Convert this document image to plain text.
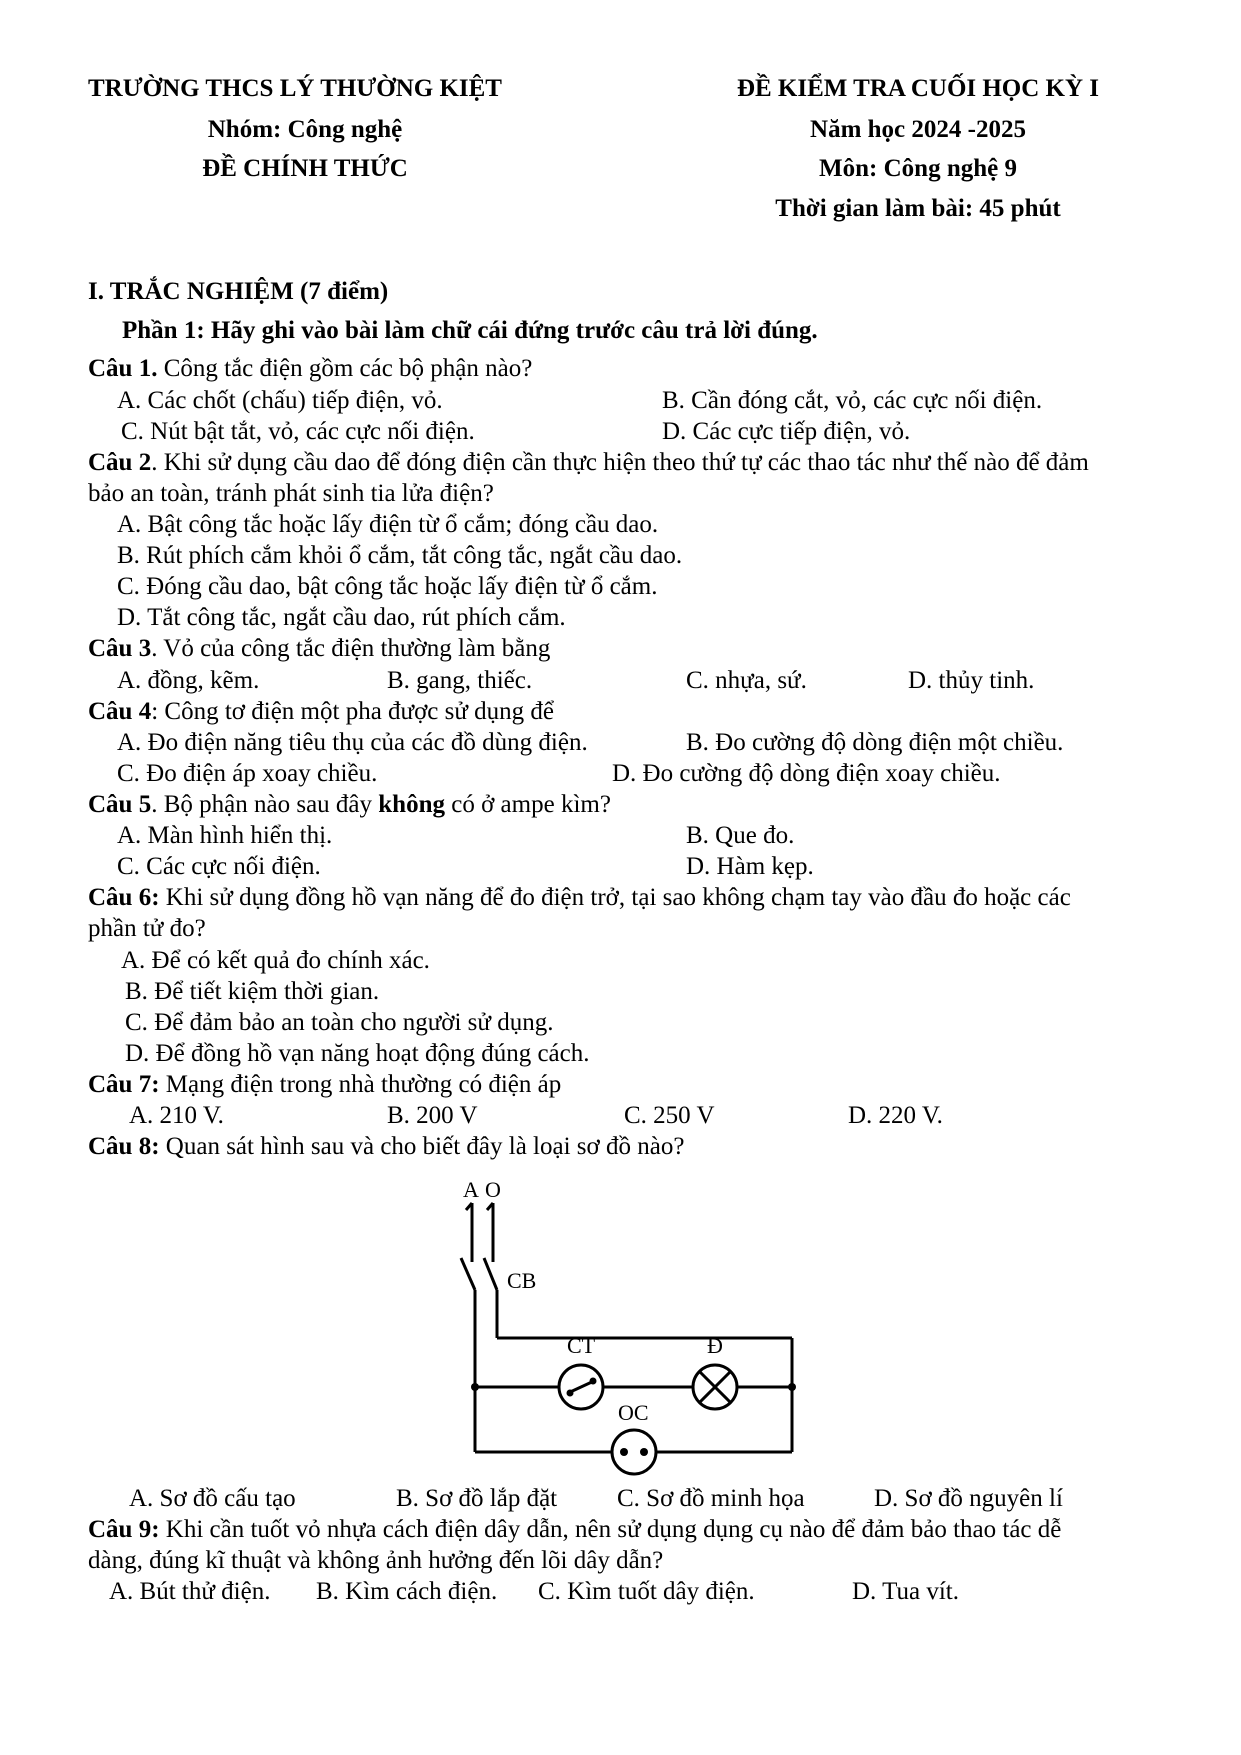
TRƯỜNG THCS LÝ THƯỜNG KIỆT
Nhóm: Công nghệ
ĐỀ CHÍNH THỨC
ĐỀ KIỂM TRA CUỐI HỌC KỲ I
Năm học 2024 -2025
Môn: Công nghệ 9
Thời gian làm bài: 45 phút
I. TRẮC NGHIỆM (7 điểm)
Phần 1: Hãy ghi vào bài làm chữ cái đứng trước câu trả lời đúng.
Câu 1. Công tắc điện gồm các bộ phận nào?
A. Các chốt (chấu) tiếp điện, vỏ.	B. Cần đóng cắt, vỏ, các cực nối điện.
C. Nút bật tắt, vỏ, các cực nối điện.	D. Các cực tiếp điện, vỏ.
Câu 2. Khi sử dụng cầu dao để đóng điện cần thực hiện theo thứ tự các thao tác như thế nào để đảm
bảo an toàn, tránh phát sinh tia lửa điện?
A. Bật công tắc hoặc lấy điện từ ổ cắm; đóng cầu dao.
B. Rút phích cắm khỏi ổ cắm, tắt công tắc, ngắt cầu dao.
C. Đóng cầu dao, bật công tắc hoặc lấy điện từ ổ cắm.
D. Tắt công tắc, ngắt cầu dao, rút phích cắm.
Câu 3. Vỏ của công tắc điện thường làm bằng
A. đồng, kẽm.	B. gang, thiếc.	C. nhựa, sứ.	D. thủy tinh.
Câu 4: Công tơ điện một pha được sử dụng để
A. Đo điện năng tiêu thụ của các đồ dùng điện.	B. Đo cường độ dòng điện một chiều.
C. Đo điện áp xoay chiều.	D. Đo cường độ dòng điện xoay chiều.
Câu 5. Bộ phận nào sau đây không có ở ampe kìm?
A. Màn hình hiển thị.	B. Que đo.
C. Các cực nối điện.	D. Hàm kẹp.
Câu 6: Khi sử dụng đồng hồ vạn năng để đo điện trở, tại sao không chạm tay vào đầu đo hoặc các
phần tử đo?
A. Để có kết quả đo chính xác.
B. Để tiết kiệm thời gian.
C. Để đảm bảo an toàn cho người sử dụng.
D. Để đồng hồ vạn năng hoạt động đúng cách.
Câu 7: Mạng điện trong nhà thường có điện áp
A. 210 V.	B. 200 V	C. 250 V	D. 220 V.
Câu 8: Quan sát hình sau và cho biết đây là loại sơ đồ nào?
A O
CB
CT	Đ
OC
A. Sơ đồ cấu tạo	B. Sơ đồ lắp đặt C. Sơ đồ minh họa	D. Sơ đồ nguyên lí
Câu 9: Khi cần tuốt vỏ nhựa cách điện dây dẫn, nên sử dụng dụng cụ nào để đảm bảo thao tác dễ
dàng, đúng kĩ thuật và không ảnh hưởng đến lõi dây dẫn?
A. Bút thử điện. B. Kìm cách điện. C. Kìm tuốt dây điện.	D. Tua vít.
